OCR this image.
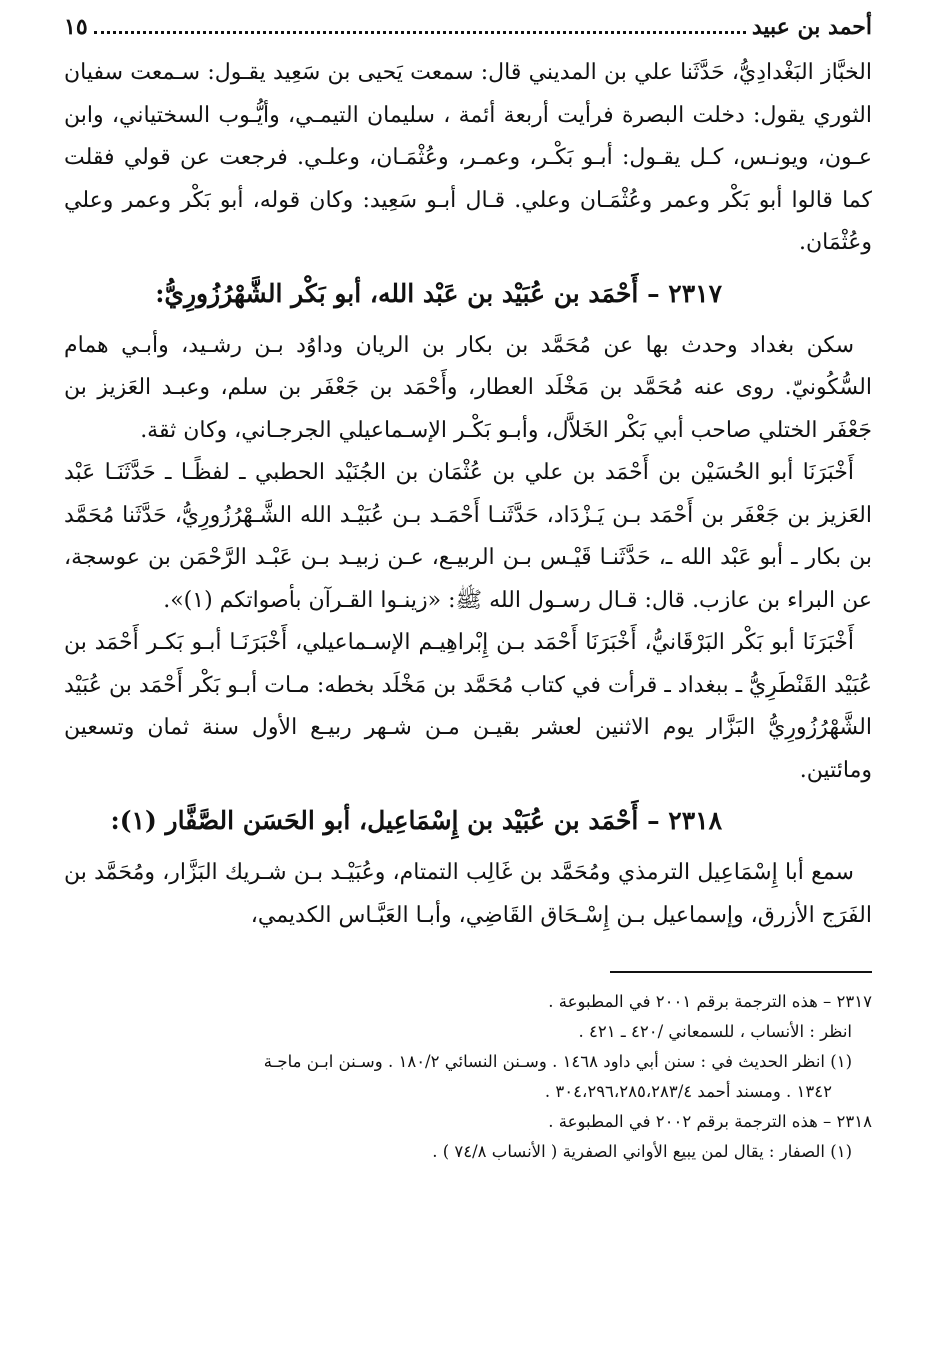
أحمد بن عبيد
١٥

الخبَّاز البَغْدادِيُّ، حَدَّثَنا علي بن المديني قال: سمعت يَحيى بن سَعِيد يقـول: سـمعت سفيان الثوري يقول: دخلت البصرة فرأيت أربعة أئمة ، سليمان التيمـي، وأيُّـوب السختياني، وابن عـون، ويونـس، كـل يقـول: أبـو بَكْـر، وعمـر، وعُثْمَـان، وعلـي. فرجعت عن قولي فقلت كما قالوا أبو بَكْر وعمر وعُثْمَـان وعلي. قـال أبـو سَعِيد: وكان قوله، أبو بَكْر وعمر وعلي وعُثْمَان.

٢٣١٧ – أَحْمَد بن عُبَيْد بن عَبْد الله، أبو بَكْر الشَّهْرُزُورِيُّ:

سكن بغداد وحدث بها عن مُحَمَّد بن بكار بن الريان وداوُد بـن رشـيد، وأبـي همام السُّكُونيّ. روى عنه مُحَمَّد بن مَخْلَد العطار، وأَحْمَد بن جَعْفَر بن سلم، وعبـد العَزيز بن جَعْفَر الختلي صاحب أبي بَكْر الخَلاَّل، وأبـو بَكْـر الإسـماعيلي الجرجـاني، وكان ثقة.

أَخْبَرَنَا أبو الحُسَيْن بن أَحْمَد بن علي بن عُثْمَان بن الجُنَيْد الحطبي ـ لفظًـا ـ حَدَّثَنَـا عَبْد العَزيز بن جَعْفَر بن أَحْمَد بـن يَـزْدَاد، حَدَّثَنـا أَحْمَـد بـن عُبَيْـد الله الشَّـهْرُزُورِيُّ، حَدَّثَنا مُحَمَّد بن بكار ـ أبو عَبْد الله ـ، حَدَّثَنـا قَيْـس بـن الربيـع، عـن زبيـد بـن عَبْـد الرَّحْمَن بن عوسجة، عن البراء بن عازب. قال: قـال رسـول الله ﷺ: «زينـوا القـرآن بأصواتكم (١)».

أَخْبَرَنَا أبو بَكْر البَرْقَانيُّ، أَخْبَرَنَا أَحْمَد بـن إِبْراهِيـم الإسـماعيلي، أَخْبَرَنَـا أبـو بَكـر أَحْمَد بن عُبَيْد القَنْطَرِيُّ ـ ببغداد ـ قرأت في كتاب مُحَمَّد بن مَخْلَد بخطه: مـات أبـو بَكْر أَحْمَد بن عُبَيْد الشَّهْرُزُورِيُّ البَزَّار يوم الاثنين لعشر بقيـن مـن شـهر ربيـع الأول سنة ثمان وتسعين ومائتين.

٢٣١٨ – أَحْمَد بن عُبَيْد بن إِسْمَاعِيل، أبو الحَسَن الصَّفَّار (١):

سمع أبا إِسْمَاعِيل الترمذي ومُحَمَّد بن غَالِب التمتام، وعُبَيْـد بـن شـريك البَزَّار، ومُحَمَّد بن الفَرَج الأزرق، وإسماعيل بـن إِسْـحَاق القَاضِي، وأبـا العَبَّـاس الكديمي،

٢٣١٧ – هذه الترجمة برقم ٢٠٠١ في المطبوعة .

انظر : الأنساب ، للسمعاني /٤٢٠ ـ ٤٢١ .

(١) انظر الحديث في : سنن أبي داود ١٤٦٨ . وسـنن النسائي ١٨٠/٢ . وسـنن ابـن ماجـة

١٣٤٢ . ومسند أحمد ٣٠٤،٢٩٦،٢٨٥،٢٨٣/٤ .

٢٣١٨ – هذه الترجمة برقم ٢٠٠٢ في المطبوعة .

(١) الصفار : يقال لمن يبيع الأواني الصفرية ( الأنساب ٧٤/٨ ) .
